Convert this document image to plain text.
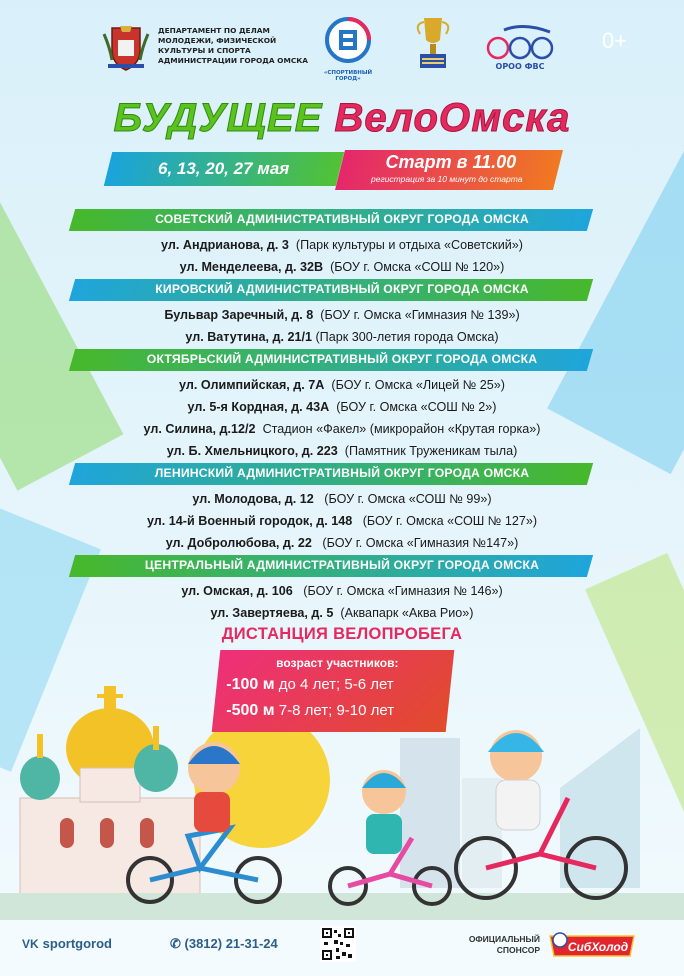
ДЕПАРТАМЕНТ ПО ДЕЛАМ
МОЛОДЕЖИ, ФИЗИЧЕСКОЙ
КУЛЬТУРЫ И СПОРТА
АДМИНИСТРАЦИИ ГОРОДА ОМСКА
«СПОРТИВНЫЙ ГОРОД»
ОРОО ФВС
0+
БУДУЩЕЕ ВелоОмска
6, 13, 20, 27 мая	Старт в 11.00
регистрация за 10 минут до старта
СОВЕТСКИЙ АДМИНИСТРАТИВНЫЙ ОКРУГ ГОРОДА ОМСКА
ул. Андрианова, д. 3 (Парк культуры и отдыха «Советский»)
ул. Менделеева, д. 32В (БОУ г. Омска «СОШ № 120»)
КИРОВСКИЙ АДМИНИСТРАТИВНЫЙ ОКРУГ ГОРОДА ОМСКА
Бульвар Заречный, д. 8 (БОУ г. Омска «Гимназия № 139»)
ул. Ватутина, д. 21/1 (Парк 300-летия города Омска)
ОКТЯБРЬСКИЙ АДМИНИСТРАТИВНЫЙ ОКРУГ ГОРОДА ОМСКА
ул. Олимпийская, д. 7А (БОУ г. Омска «Лицей № 25»)
ул. 5-я Кордная, д. 43А (БОУ г. Омска «СОШ № 2»)
ул. Силина, д.12/2 Стадион «Факел» (микрорайон «Крутая горка»)
ул. Б. Хмельницкого, д. 223 (Памятник Труженикам тыла)
ЛЕНИНСКИЙ АДМИНИСТРАТИВНЫЙ ОКРУГ ГОРОДА ОМСКА
ул. Молодова, д. 12 (БОУ г. Омска «СОШ № 99»)
ул. 14-й Военный городок, д. 148 (БОУ г. Омска «СОШ № 127»)
ул. Добролюбова, д. 22 (БОУ г. Омска «Гимназия №147»)
ЦЕНТРАЛЬНЫЙ АДМИНИСТРАТИВНЫЙ ОКРУГ ГОРОДА ОМСКА
ул. Омская, д. 106 (БОУ г. Омска «Гимназия № 146»)
ул. Завертяева, д. 5 (Аквапарк «Аква Рио»)
ДИСТАНЦИЯ ВЕЛОПРОБЕГА
возраст участников:
-100 м до 4 лет; 5-6 лет
-500 м 7-8 лет; 9-10 лет
VK sportgorod	✆ (3812) 21-31-24	ОФИЦИАЛЬНЫЙ
СПОНСОР СибХолод
